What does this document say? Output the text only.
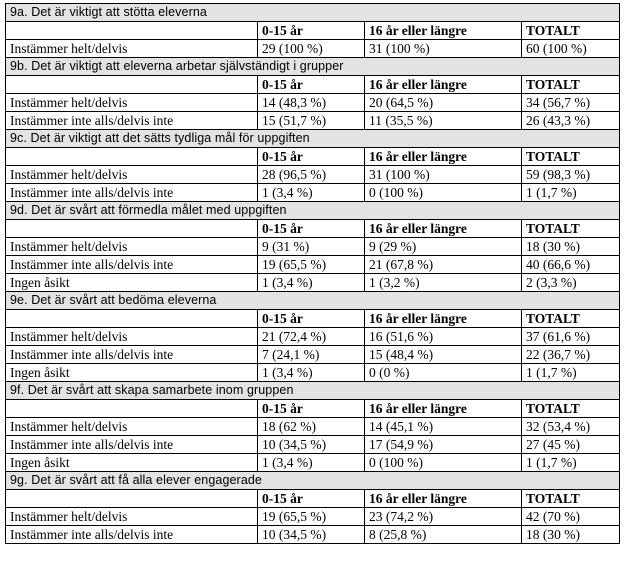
9a. Det är viktigt att stötta eleverna			
	0-15 år	16 år eller längre	TOTALT
Instämmer helt/delvis	29 (100 %)	31 (100 %)	60 (100 %)
9b. Det är viktigt att eleverna arbetar självständigt i grupper			
	0-15 år	16 år eller längre	TOTALT
Instämmer helt/delvis	14 (48,3 %)	20 (64,5 %)	34 (56,7 %)
Instämmer inte alls/delvis inte	15 (51,7 %)	11 (35,5 %)	26 (43,3 %)
9c. Det är viktigt att det sätts tydliga mål för uppgiften			
	0-15 år	16 år eller längre	TOTALT
Instämmer helt/delvis	28 (96,5 %)	31 (100 %)	59 (98,3 %)
Instämmer inte alls/delvis inte	1 (3,4 %)	0 (100 %)	1 (1,7 %)
9d. Det är svårt att förmedla målet med uppgiften			
	0-15 år	16 år eller längre	TOTALT
Instämmer helt/delvis	9 (31 %)	9 (29 %)	18 (30 %)
Instämmer inte alls/delvis inte	19 (65,5 %)	21 (67,8 %)	40 (66,6 %)
Ingen åsikt	1 (3,4 %)	1 (3,2 %)	2 (3,3 %)
9e. Det är svårt att bedöma eleverna			
	0-15 år	16 år eller längre	TOTALT
Instämmer helt/delvis	21 (72,4 %)	16 (51,6 %)	37 (61,6 %)
Instämmer inte alls/delvis inte	7 (24,1 %)	15 (48,4 %)	22 (36,7 %)
Ingen åsikt	1 (3,4 %)	0 (0 %)	1 (1,7 %)
9f. Det är svårt att skapa samarbete inom gruppen			
	0-15 år	16 år eller längre	TOTALT
Instämmer helt/delvis	18 (62 %)	14 (45,1 %)	32 (53,4 %)
Instämmer inte alls/delvis inte	10 (34,5 %)	17 (54,9 %)	27 (45 %)
Ingen åsikt	1 (3,4 %)	0 (100 %)	1 (1,7 %)
9g. Det är svårt att få alla elever engagerade			
	0-15 år	16 år eller längre	TOTALT
Instämmer helt/delvis	19 (65,5 %)	23 (74,2 %)	42 (70 %)
Instämmer inte alls/delvis inte	10 (34,5 %)	8 (25,8 %)	18 (30 %)
